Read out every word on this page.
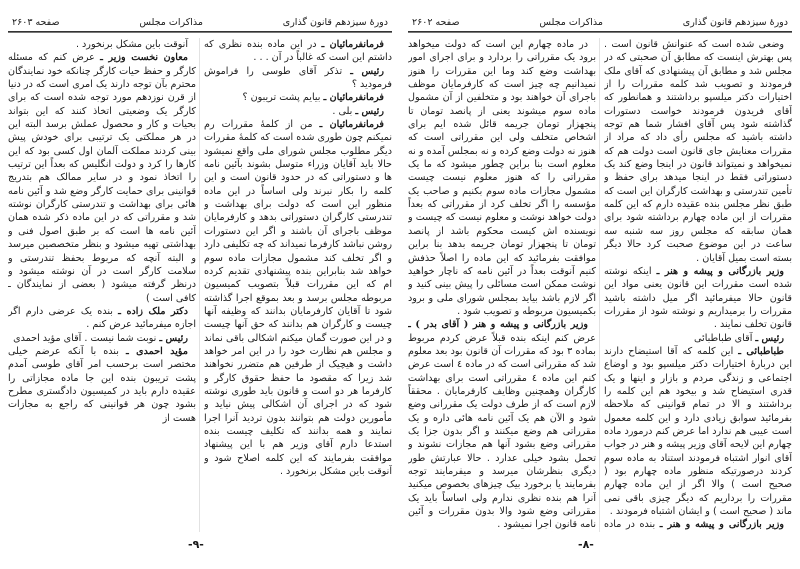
دورهٔ سیزدهم قانون گذاری
مذاکرات مجلس
صفحه ۲۶۰۳

فرمانفرمائیان ـ در این ماده بنده نظری که داشتم این است که غالباً در آن . . .

رئیس ـ تذکر آقای طوسی را فراموش فرمودید ؟

فرمانفرمائیان ـ بیایم پشت تریبون ؟

رئیس ـ بلی .

فرمانفرمائیان ـ من از کلمهٔ مقررات رم نمیکنم چون طوری شده است که کلمهٔ مقررات دیگر مطلوب مجلس شورای ملی واقع نمیشود حالا باید آقایان وزراء متوسل بشوند بآئین نامه ها و دستوراتی که در حدود قانون است و این کلمه را بکار نبرند ولی اساساً در این ماده منظور این است که دولت برای بهداشت و تندرستی کارگران دستوراتی بدهد و کارفرمایان موظف باجرای آن باشند و اگر این دستورات روشن نباشد کارفرما نمیداند که چه تکلیفی دارد و اگر تخلف کند مشمول مجازات ماده سوم خواهد شد بنابراین بنده پیشنهادی تقدیم کرده ام که این مقررات قبلاً بتصویب کمیسیون مربوطه مجلس برسد و بعد بموقع اجرا گذاشته شود تا آقایان کارفرمایان بدانند که وظیفه آنها چیست و کارگران هم بدانند که حق آنها چیست و در این صورت گمان میکنم اشکالی باقی نماند و مجلس هم نظارت خود را در این امر خواهد داشت و هیچیک از طرفین هم متضرر نخواهند شد زیرا که مقصود ما حفظ حقوق کارگر و کارفرما هر دو است و قانون باید طوری نوشته شود که در اجرای آن اشکالی پیش نیاید و مأمورین دولت هم بتوانند بدون تردید آنرا اجرا نمایند و همه بدانند که تکلیف چیست بنده استدعا دارم آقای وزیر هم با این پیشنهاد موافقت بفرمایند که این کلمه اصلاح شود و آنوقت باین مشکل برنخورد .

آنوقت باین مشکل برنخورد .

معاون نخست وزیر ـ عرض کنم که مسئله کارگر و حفظ حیات کارگر چنانکه خود نمایندگان محترم بآن توجه دارند یک امری است که در دنیا از قرن نوزدهم مورد توجه شده است که برای کارگر یک وضعیتی اتخاذ کنند که این بتواند بحیات و کار و محصول عملش برسد البته این در هر مملکتی یک ترتیبی برای خودش پیش بینی کردند مملکت آلمان اول کسی بود که این کارها را کرد و دولت انگلیس که بعداً این ترتیب را اتخاذ نمود و در سایر ممالک هم بتدریج قوانینی برای حمایت کارگر وضع شد و آئین نامه هائی برای بهداشت و تندرستی کارگران نوشته شد و مقرراتی که در این ماده ذکر شده همان آئین نامه ها است که بر طبق اصول فنی و بهداشتی تهیه میشود و بنظر متخصصین میرسد و البته آنچه که مربوط بحفظ تندرستی و سلامت کارگر است در آن نوشته میشود و درنظر گرفته میشود ( بعضی از نمایندگان ـ کافی است )

دکتر ملک زاده ـ بنده یک عرضی دارم اگر اجازه میفرمائید عرض کنم .

رئیس ـ نوبت شما نیست . آقای مؤید احمدی

مؤید احمدی ـ بنده با آنکه عرضم خیلی مختصر است برحسب امر آقای طوسی آمدم پشت تریبون بنده این جا ماده مجازاتی را عقیده دارم باید در کمیسیون دادگستری مطرح بشود چون هر قوانینی که راجع به مجازات هست از

-۹-
دورهٔ سیزدهم قانون گذاری
مذاکرات مجلس
صفحه ۲۶۰۲

وضعی شده است که عنوانش قانون است . پس بهترش اینست که مطابق آن صحبتی که در مجلس شد و مطابق آن پیشنهادی که آقای ملک فرمودند و تصویب شد کلمه مقررات را از اختیارات دکتر میلسپو برداشتند و همانطور که آقای فریدون فرمودند خواست دستورات گذاشته شود پس آقای افشار شما هم توجه داشته باشید که مجلس رأی داد که مراد از مقررات معنایش جای قانون است دولت هم که نمیخواهد و نمیتواند قانون در اینجا وضع کند یک دستوراتی فقط در اینجا میدهد برای حفظ و تأمین تندرستی و بهداشت کارگران این است که طبق نظر مجلس بنده عقیده دارم که این کلمه مقررات از این ماده چهارم برداشته شود برای همان سابقه که مجلس روز سه شنبه سه ساعت در این موضوع صحبت کرد حالا دیگر بسته است بمیل آقایان .

وزیر بازرگانی و پیشه و هنر ـ اینکه نوشته شده است مقررات این قانون یعنی مواد این قانون حالا میفرمائید اگر میل داشته باشید مقررات را برمیداریم و نوشته شود از مقررات قانون تخلف نمایند .

رئیس ـ آقای طباطبائی

طباطبائی ـ این کلمه که آقا استیضاح دارند این دربارهٔ اختیارات دکتر میلسپو بود و اوضاع اجتماعی و زندگی مردم و بازار و اینها و یک قدری استیضاح شد و بیخود هم این کلمه را برداشتند و الا در تمام قوانینی که ملاحظه بفرمائید سوابق زیادی دارد و این کلمه معمول است عیبی هم ندارد اما عرض کنم درمورد ماده چهارم این لایحه آقای وزیر پیشه و هنر در جواب آقای انوار اشتباه فرمودند استناد به ماده سوم کردند درصورتیکه منظور ماده چهارم بود ( صحیح است ) والا اگر از این ماده چهارم مقررات را برداریم که دیگر چیزی باقی نمی ماند ( صحیح است ) و ایشان اشتباه فرمودند .

وزیر بازرگانی و پیشه و هنر ـ بنده در ماده

در ماده چهارم این است که دولت میخواهد برود یک مقرراتی را بردارد و برای اجرای امور بهداشت وضع کند وما این مقررات را هنوز نمیدانیم چه چیز است که کارفرمایان موظف باجرای آن خواهند بود و متخلفین از آن مشمول ماده سوم میشوند یعنی از پانصد تومان تا پنجهزار تومان جریمه قائل شده ایم برای اشخاص متخلف ولی این مقرراتی است که هنوز نه دولت وضع کرده و نه بمجلس آمده و نه معلوم است بنا براین چطور میشود که ما یک مقرراتی را که هنوز معلوم نیست چیست مشمول مجازات ماده سوم بکنیم و صاحب یک مؤسسه را اگر تخلف کرد از مقرراتی که بعداً دولت خواهد نوشت و معلوم نیست که چیست و نویسنده اش کیست محکوم باشد از پانصد تومان تا پنجهزار تومان جریمه بدهد بنا براین موافقت بفرمائید که این ماده را اصلاً حذفش کنیم آنوقت بعداً در آئین نامه که ناچار خواهید نوشت ممکن است مسائلی را پیش بینی کنید و اگر لازم باشد بیاید بمجلس شورای ملی و برود بکمیسیون مربوطه و تصویب شود .

وزیر بازرگانی و پیشه و هنر ( آقای بدر ) ـ عرض کنم اینکه بنده قبلاً عرض کردم مربوط بماده ۳ بود که مقررات آن قانون بود بعد معلوم شد که مقرراتی است که در ماده ٤ است عرض کنم این ماده ٤ مقرراتی است برای بهداشت کارگران وهمچنین وظایف کارفرمایان . محققاً لازم است که از طرف دولت یک مقررانی وضع شود و الآن هم یک آئین نامه هائی داره و یک مقرراتی هم وضع میکنند و اگر بدون جزا یک مقرراتی وضع بشود آنها هم مجازات نشوند و تحمل بشود خیلی عدارد . حالا عبارتش طور دیگری بنظرشان میرسد و میفرمایند توجه بفرمایند یا برخورد بیک چیزهای بخصوص میکنید آنرا هم بنده نظری ندارم ولی اساساً باید یک مقرراتی وضع شود والا بدون مقررات و آئین نامه قانون اجرا نمیشود .

-۸-
